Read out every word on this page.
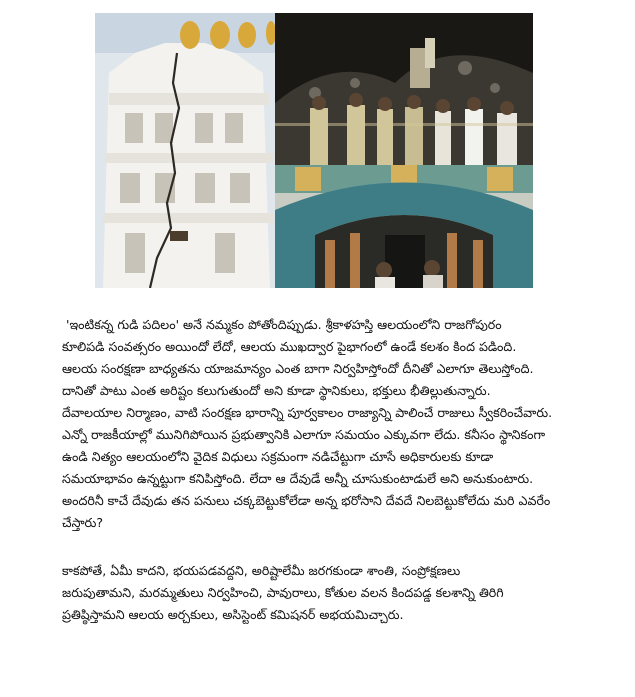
'ఇంటికన్న గుడి పదిలం' అనే నమ్మకం పోతోందిప్పుడు. శ్రీకాళహస్తి ఆలయంలోని రాజగోపురం
కూలిపడి సంవత్సరం అయిందో లేదో, ఆలయ ముఖద్వార పైభాగంలో ఉండే కలశం కింద పడింది.
ఆలయ సంరక్షణా బాధ్యతను యాజమాన్యం ఎంత బాగా నిర్వహిస్తోందో దీనితో ఎలాగూ తెలుస్తోంది.
దానితో పాటు ఎంత అరిష్టం కలుగుతుందో అని కూడా స్థానికులు, భక్తులు భీతిల్లుతున్నారు.
దేవాలయాల నిర్మాణం, వాటి సంరక్షణ భారాన్ని పూర్వకాలం రాజ్యాన్ని పాలించే రాజులు స్వీకరించేవారు.
ఎన్నో రాజకీయాల్లో మునిగిపోయిన ప్రభుత్వానికి ఎలాగూ సమయం ఎక్కువగా లేదు. కనీసం స్థానికంగా
ఉండి నిత్యం ఆలయంలోని వైదిక విధులు సక్రమంగా నడిచేట్టుగా చూసే అధికారులకు కూడా
సమయాభావం ఉన్నట్టుగా కనిపిస్తోంది. లేదా ఆ దేవుడే అన్నీ చూసుకుంటాడులే అని అనుకుంటారు.
అందరినీ కాచే దేవుడు తన పనులు చక్కబెట్టుకోలేడా అన్న భరోసాని దేవదే నిలబెట్టుకోలేదు మరి ఎవరేం
చేస్తారు?
కాకపోతే, ఏమీ కాదని, భయపడవద్దని, అరిష్టాలేమీ జరగకుండా శాంతి, సంప్రోక్షణలు
జరుపుతామని, మరమ్మతులు నిర్వహించి, పావురాలు, కోతుల వలన కిందపడ్డ కలశాన్ని తిరిగి
ప్రతిష్ఠిస్తామని ఆలయ అర్చకులు, అసిస్టెంట్ కమిషనర్ అభయమిచ్చారు.
